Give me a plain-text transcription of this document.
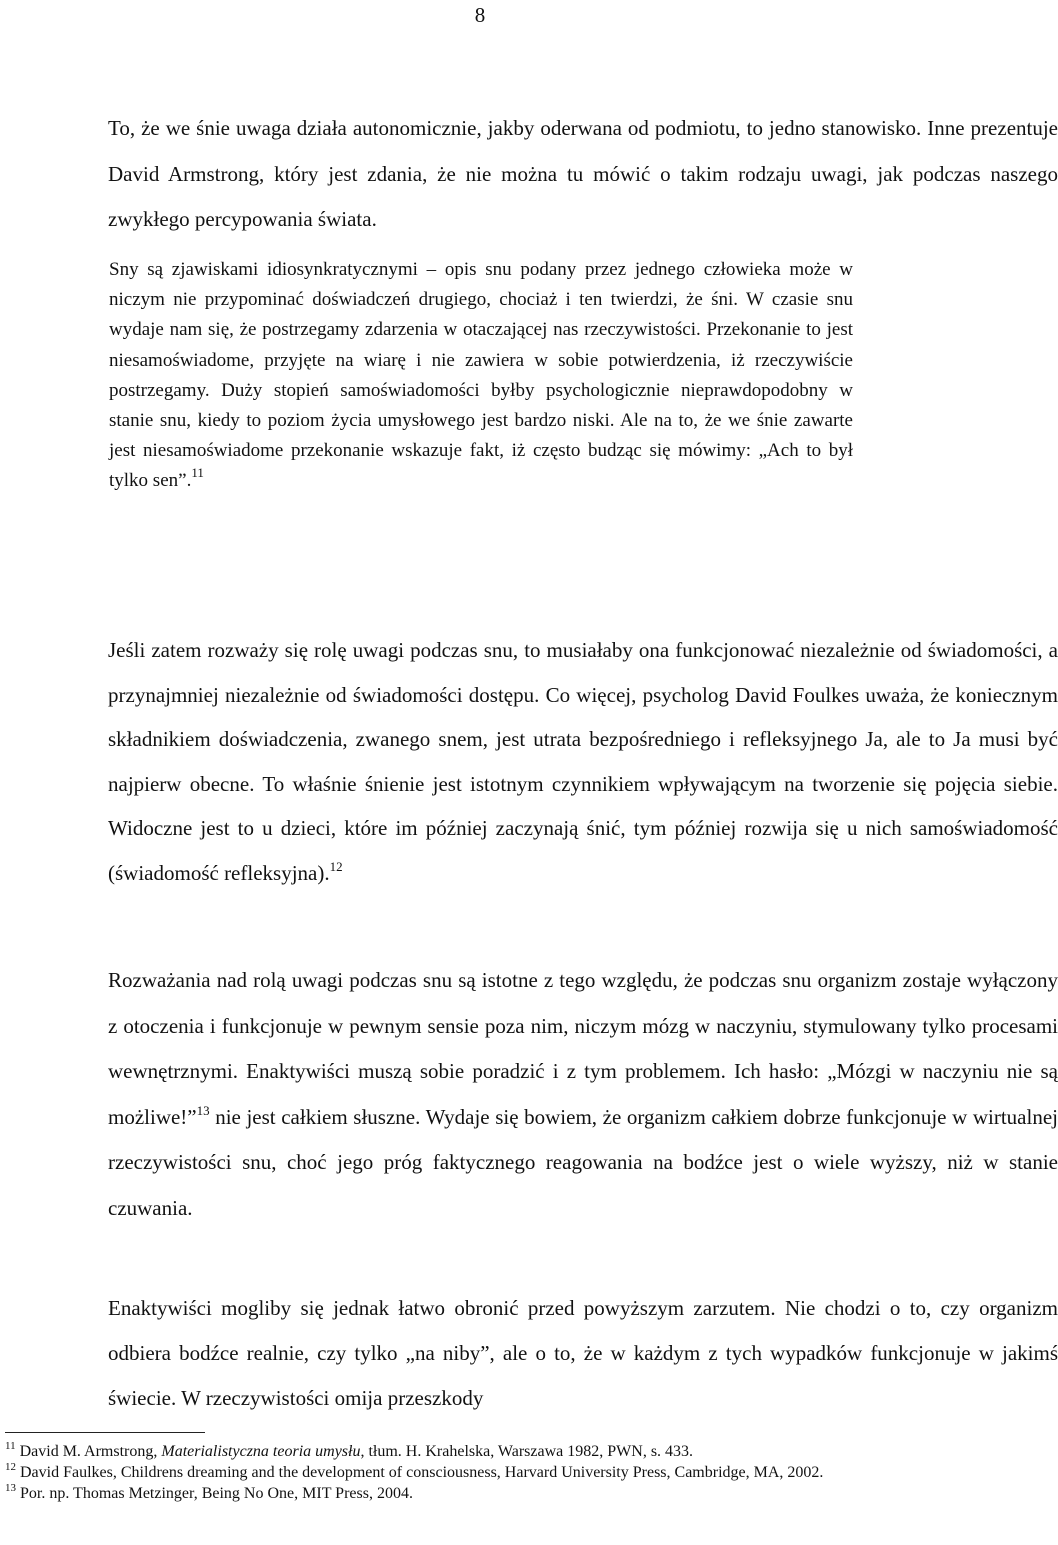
8

To, że we śnie uwaga działa autonomicznie, jakby oderwana od podmiotu, to jedno stanowisko. Inne prezentuje David Armstrong, który jest zdania, że nie można tu mówić o takim rodzaju uwagi, jak podczas naszego zwykłego percypowania świata.

Sny są zjawiskami idiosynkratycznymi – opis snu podany przez jednego człowieka może w niczym nie przypominać doświadczeń drugiego, chociaż i ten twierdzi, że śni. W czasie snu wydaje nam się, że postrzegamy zdarzenia w otaczającej nas rzeczywistości. Przekonanie to jest niesamoświadome, przyjęte na wiarę i nie zawiera w sobie potwierdzenia, iż rzeczywiście postrzegamy. Duży stopień samoświadomości byłby psychologicznie nieprawdopodobny w stanie snu, kiedy to poziom życia umysłowego jest bardzo niski. Ale na to, że we śnie zawarte jest niesamoświadome przekonanie wskazuje fakt, iż często budząc się mówimy: „Ach to był tylko sen”.$^{11}$

Jeśli zatem rozważy się rolę uwagi podczas snu, to musiałaby ona funkcjonować niezależnie od świadomości, a przynajmniej niezależnie od świadomości dostępu. Co więcej, psycholog David Foulkes uważa, że koniecznym składnikiem doświadczenia, zwanego snem, jest utrata bezpośredniego i refleksyjnego Ja, ale to Ja musi być najpierw obecne. To właśnie śnienie jest istotnym czynnikiem wpływającym na tworzenie się pojęcia siebie. Widoczne jest to u dzieci, które im później zaczynają śnić, tym później rozwija się u nich samoświadomość (świadomość refleksyjna).$^{12}$

Rozważania nad rolą uwagi podczas snu są istotne z tego względu, że podczas snu organizm zostaje wyłączony z otoczenia i funkcjonuje w pewnym sensie poza nim, niczym mózg w naczyniu, stymulowany tylko procesami wewnętrznymi. Enaktywiści muszą sobie poradzić i z tym problemem. Ich hasło: „Mózgi w naczyniu nie są możliwe!”$^{13}$ nie jest całkiem słuszne. Wydaje się bowiem, że organizm całkiem dobrze funkcjonuje w wirtualnej rzeczywistości snu, choć jego próg faktycznego reagowania na bodźce jest o wiele wyższy, niż w stanie czuwania.

Enaktywiści mogliby się jednak łatwo obronić przed powyższym zarzutem. Nie chodzi o to, czy organizm odbiera bodźce realnie, czy tylko „na niby”, ale o to, że w każdym z tych wypadków funkcjonuje w jakimś świecie. W rzeczywistości omija przeszkody

$^{11}$ David M. Armstrong, Materialistyczna teoria umysłu, tłum. H. Krahelska, Warszawa 1982, PWN, s. 433.

$^{12}$ David Faulkes, Childrens dreaming and the development of consciousness, Harvard University Press, Cambridge, MA, 2002.

$^{13}$ Por. np. Thomas Metzinger, Being No One, MIT Press, 2004.
